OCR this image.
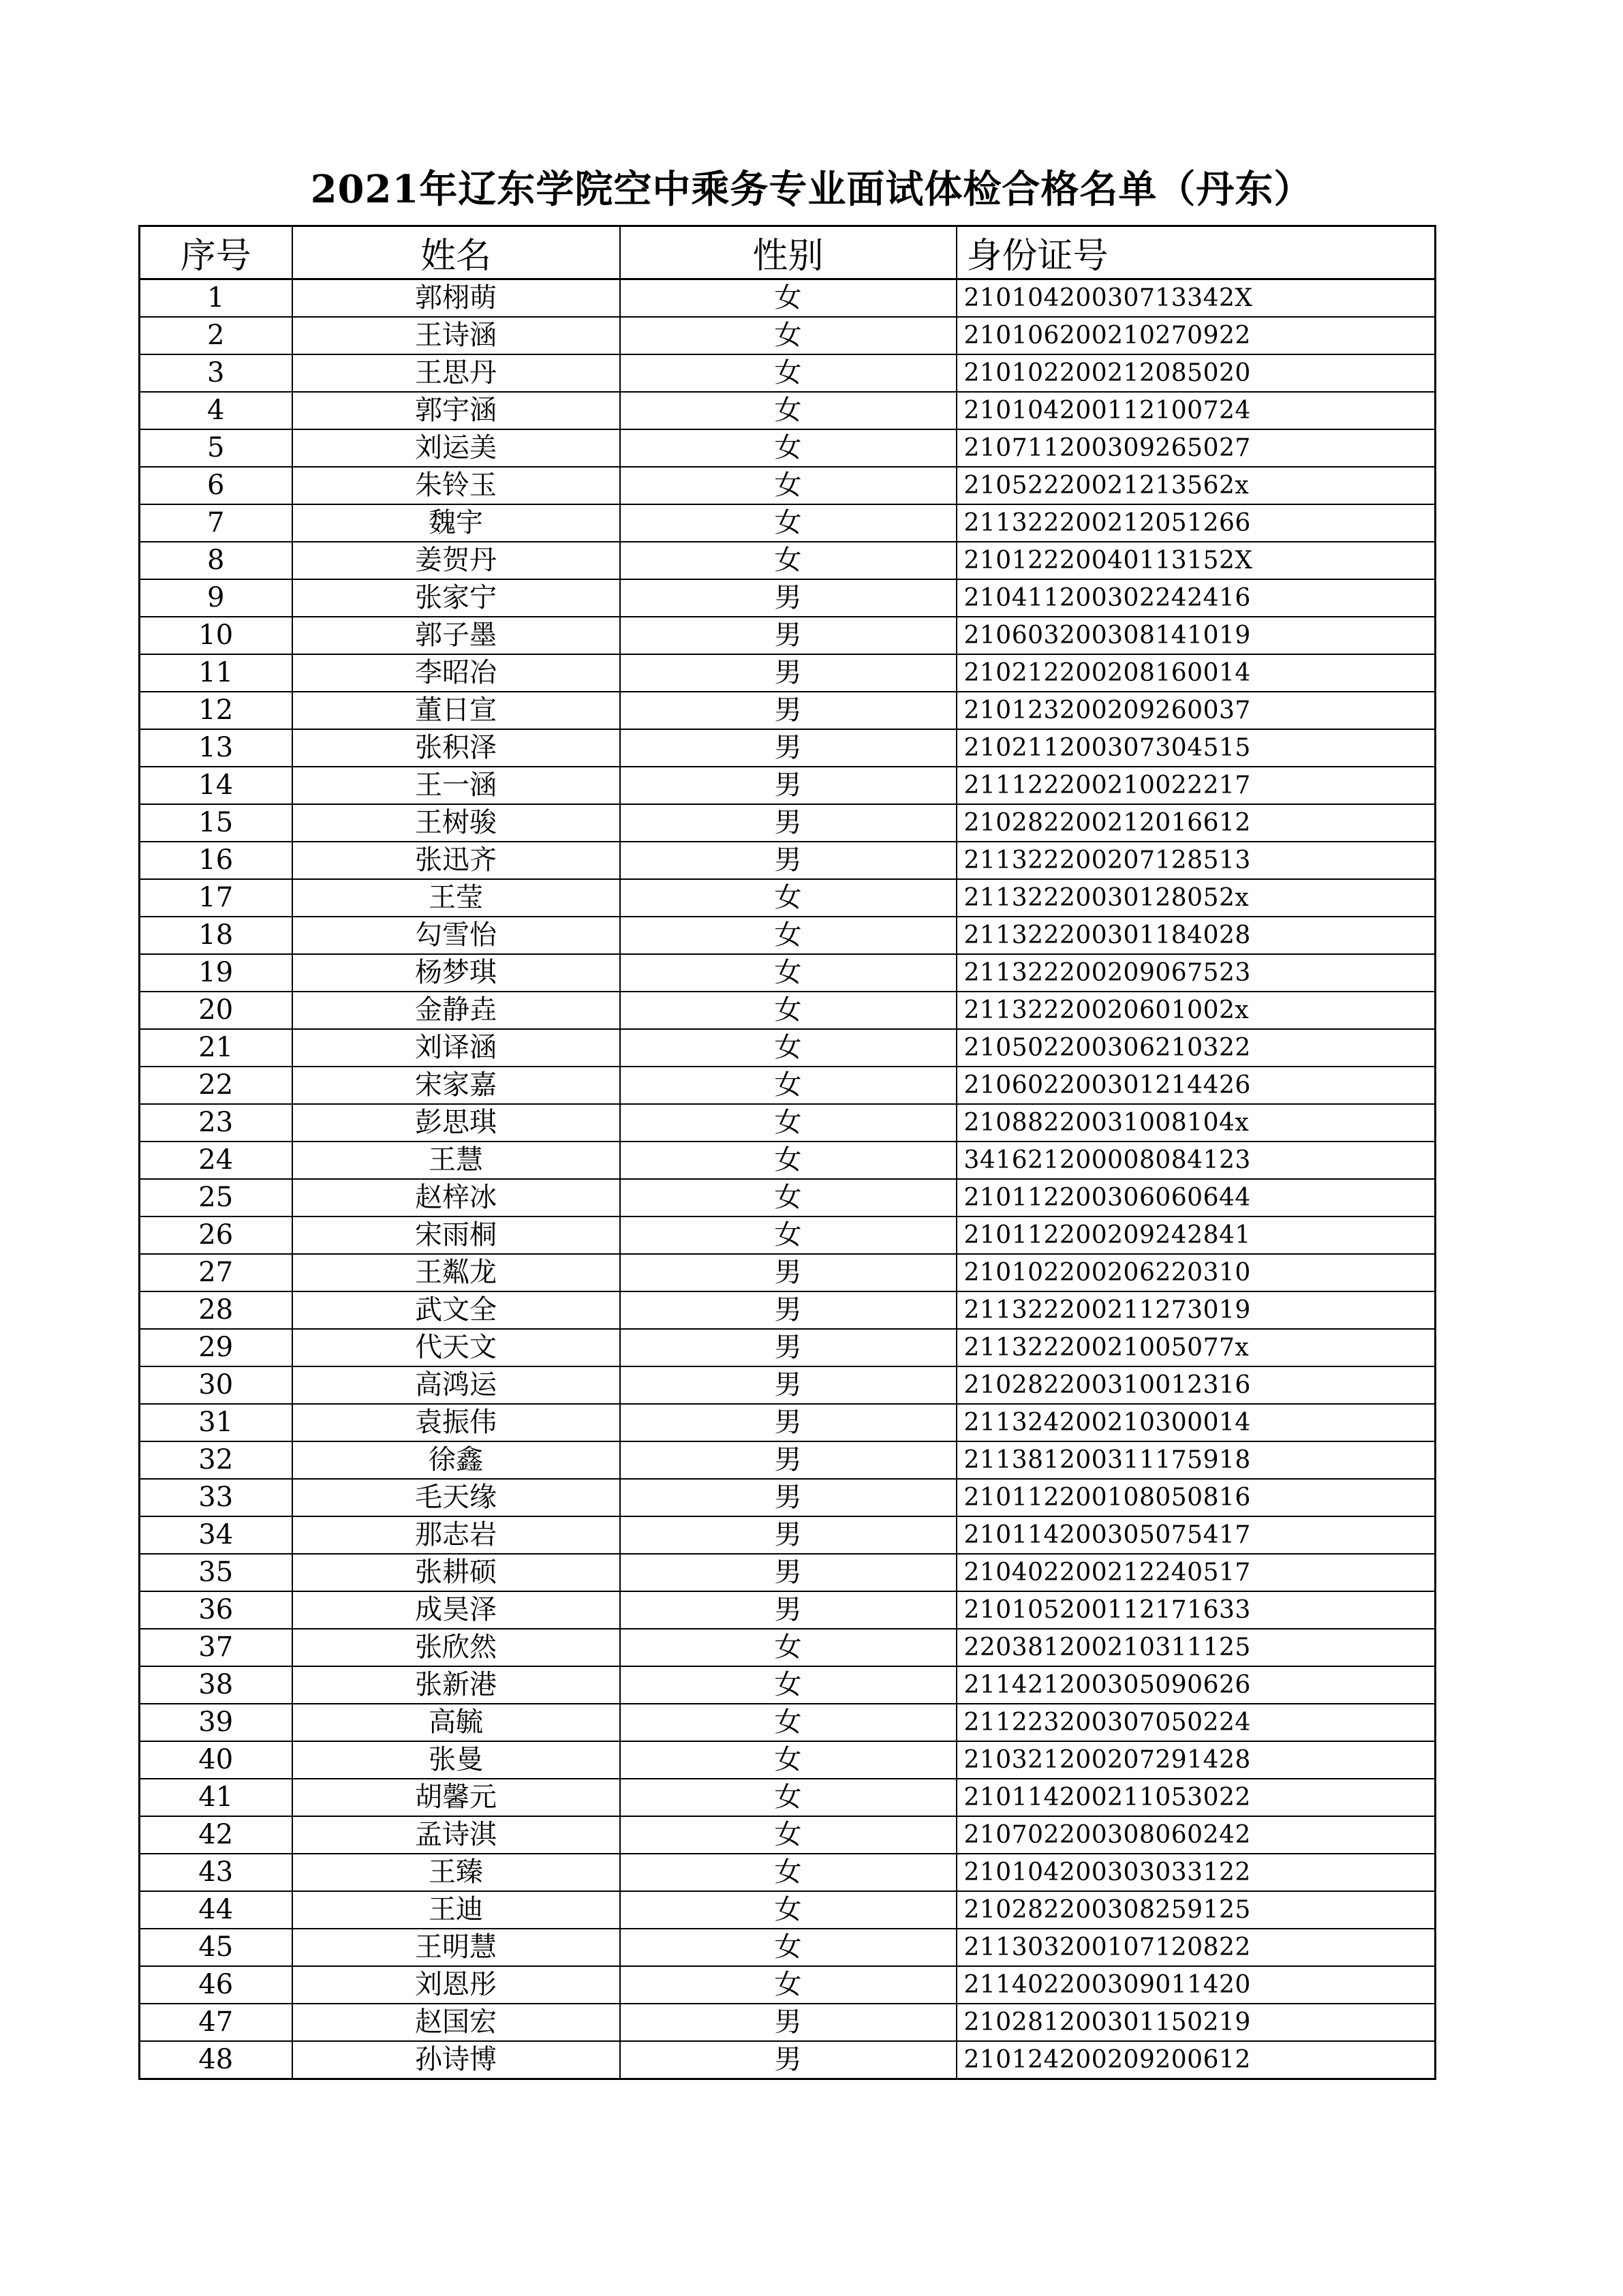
2021年辽东学院空中乘务专业面试体检合格名单（丹东）
序号	姓名	性别	身份证号
1	郭栩萌	女	21010420030713342X
2	王诗涵	女	210106200210270922
3	王思丹	女	210102200212085020
4	郭宇涵	女	210104200112100724
5	刘运美	女	210711200309265027
6	朱铃玉	女	21052220021213562x
7	魏宇	女	211322200212051266
8	姜贺丹	女	21012220040113152X
9	张家宁	男	210411200302242416
10	郭子墨	男	210603200308141019
11	李昭冶	男	210212200208160014
12	董日宣	男	210123200209260037
13	张积泽	男	210211200307304515
14	王一涵	男	211122200210022217
15	王树骏	男	210282200212016612
16	张迅齐	男	211322200207128513
17	王莹	女	21132220030128052x
18	勾雪怡	女	211322200301184028
19	杨梦琪	女	211322200209067523
20	金静垚	女	21132220020601002x
21	刘译涵	女	210502200306210322
22	宋家嘉	女	210602200301214426
23	彭思琪	女	21088220031008104x
24	王慧	女	341621200008084123
25	赵梓冰	女	210112200306060644
26	宋雨桐	女	210112200209242841
27	王粼龙	男	210102200206220310
28	武文全	男	211322200211273019
29	代天文	男	21132220021005077x
30	高鸿运	男	210282200310012316
31	袁振伟	男	211324200210300014
32	徐鑫	男	211381200311175918
33	毛天缘	男	210112200108050816
34	那志岩	男	210114200305075417
35	张耕硕	男	210402200212240517
36	成昊泽	男	210105200112171633
37	张欣然	女	220381200210311125
38	张新港	女	211421200305090626
39	高毓	女	211223200307050224
40	张曼	女	210321200207291428
41	胡馨元	女	210114200211053022
42	孟诗淇	女	210702200308060242
43	王臻	女	210104200303033122
44	王迪	女	210282200308259125
45	王明慧	女	211303200107120822
46	刘恩彤	女	211402200309011420
47	赵国宏	男	210281200301150219
48	孙诗博	男	210124200209200612
